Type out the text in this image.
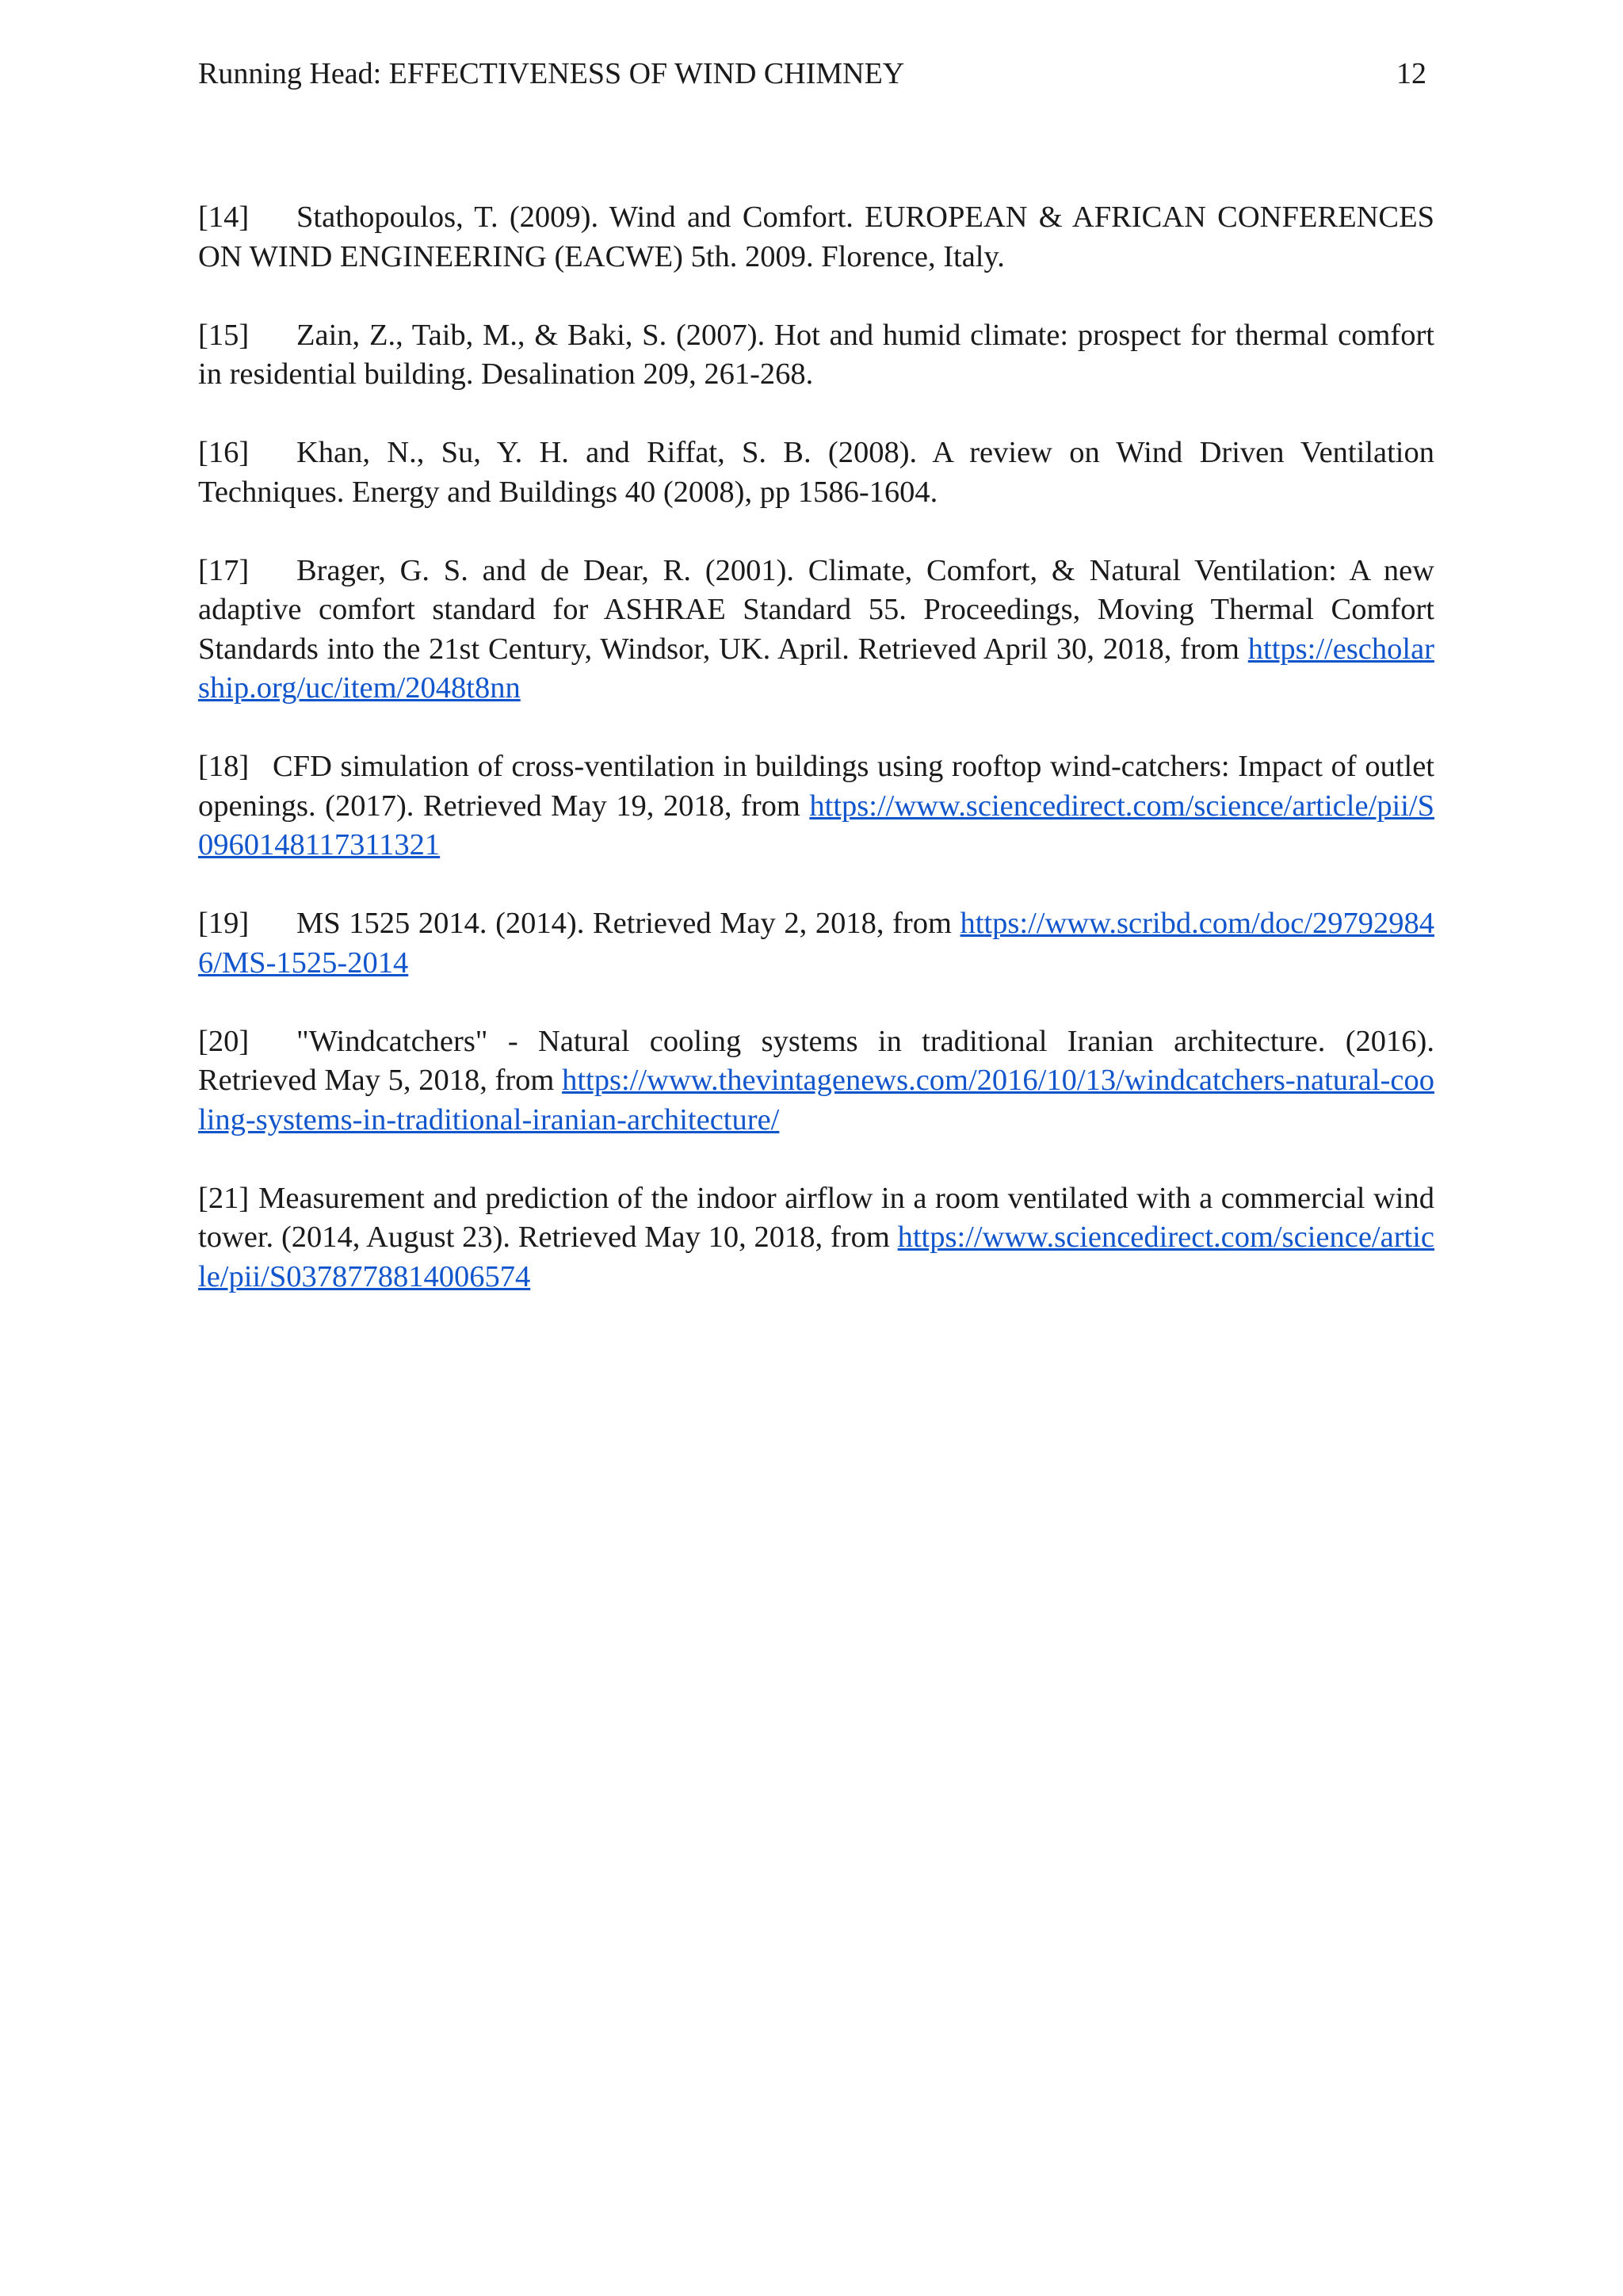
Running Head: EFFECTIVENESS OF WIND CHIMNEY	12

[14] Stathopoulos, T. (2009). Wind and Comfort. EUROPEAN & AFRICAN CONFERENCES ON WIND ENGINEERING (EACWE) 5th. 2009. Florence, Italy.

[15] Zain, Z., Taib, M., & Baki, S. (2007). Hot and humid climate: prospect for thermal comfort in residential building. Desalination 209, 261-268.

[16] Khan, N., Su, Y. H. and Riffat, S. B. (2008). A review on Wind Driven Ventilation Techniques. Energy and Buildings 40 (2008), pp 1586-1604.

[17] Brager, G. S. and de Dear, R. (2001). Climate, Comfort, & Natural Ventilation: A new adaptive comfort standard for ASHRAE Standard 55. Proceedings, Moving Thermal Comfort Standards into the 21st Century, Windsor, UK. April. Retrieved April 30, 2018, from https://escholarship.org/uc/item/2048t8nn

[18] CFD simulation of cross-ventilation in buildings using rooftop wind-catchers: Impact of outlet openings. (2017). Retrieved May 19, 2018, from https://www.sciencedirect.com/science/article/pii/S0960148117311321

[19] MS 1525 2014. (2014). Retrieved May 2, 2018, from https://www.scribd.com/doc/297929846/MS-1525-2014

[20] "Windcatchers" - Natural cooling systems in traditional Iranian architecture. (2016). Retrieved May 5, 2018, from https://www.thevintagenews.com/2016/10/13/windcatchers-natural-cooling-systems-in-traditional-iranian-architecture/

[21] Measurement and prediction of the indoor airflow in a room ventilated with a commercial wind tower. (2014, August 23). Retrieved May 10, 2018, from https://www.sciencedirect.com/science/article/pii/S0378778814006574
